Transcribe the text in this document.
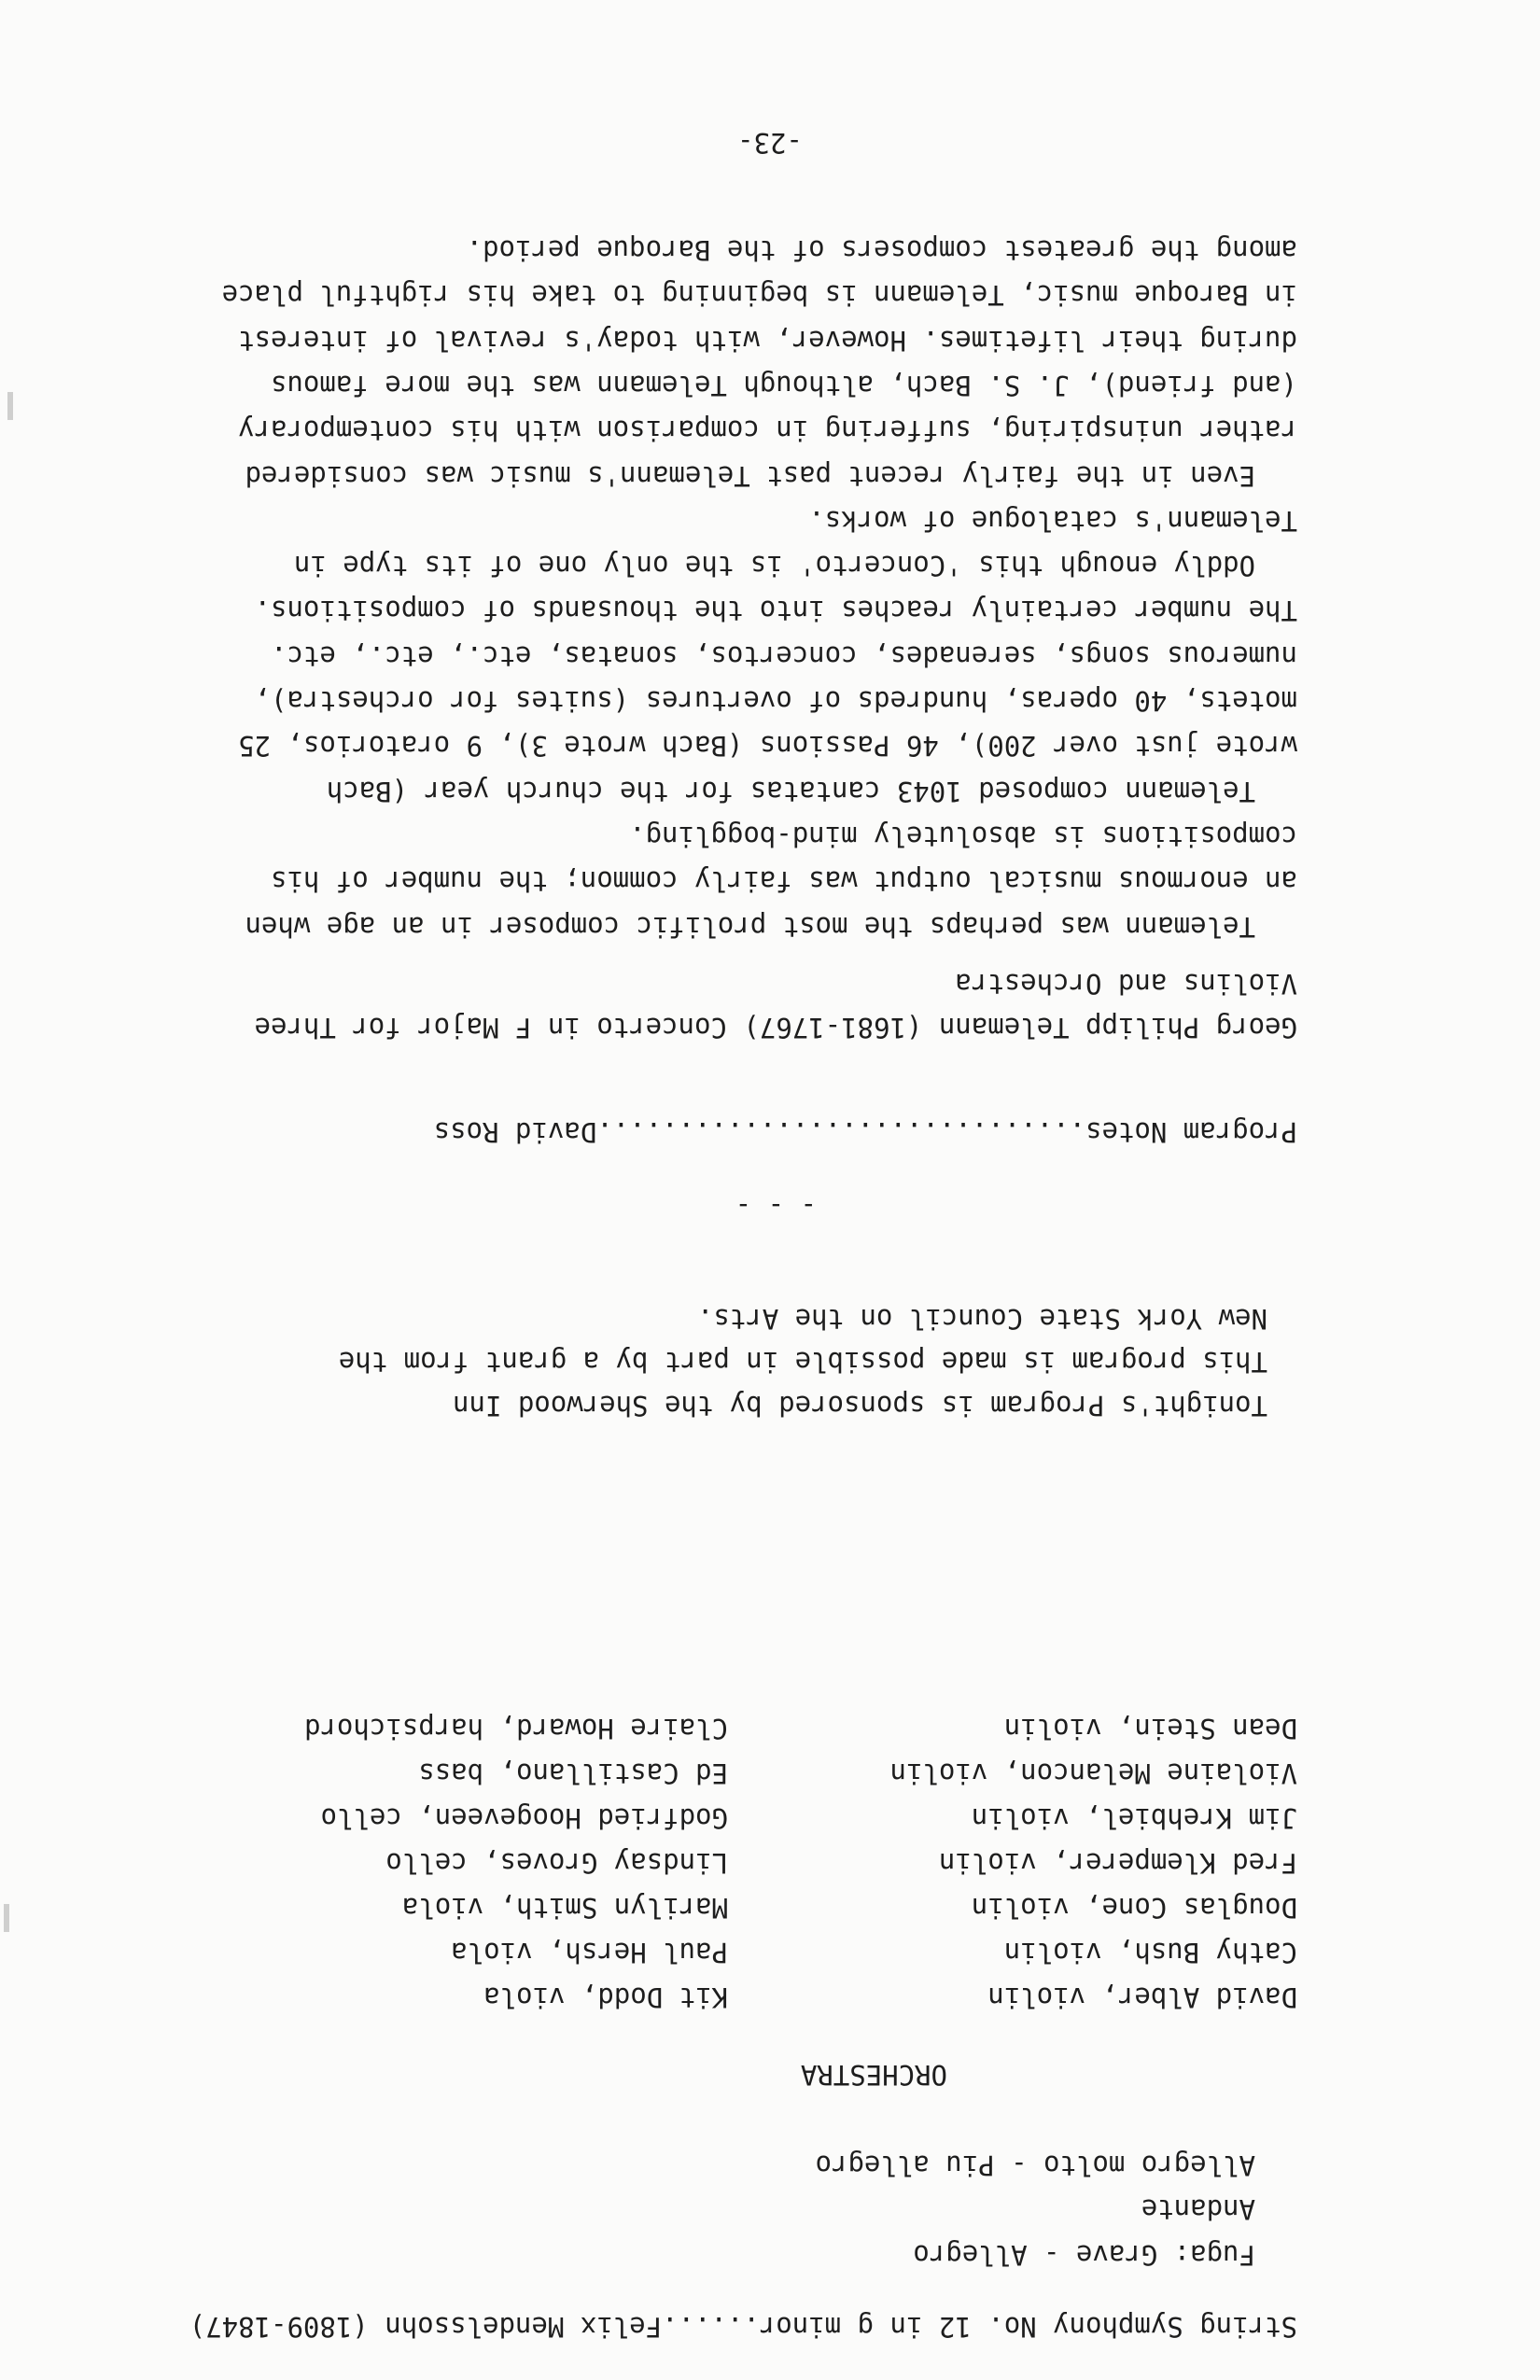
String Symphony No. 12 in g minor......Felix Mendelssohn (1809-1847)
Fuga: Grave - Allegro
Andante
Allegro molto - Piu allegro
ORCHESTRA
David Alber, violin
Cathy Bush, violin
Douglas Cone, violin
Fred Klemperer, violin
Jim Krehbiel, violin
Violaine Melancon, violin
Dean Stein, violin
Kit Dodd, viola
Paul Hersh, viola
Marilyn Smith, viola
Lindsay Groves, cello
Godfried Hoogeveen, cello
Ed Castillano, bass
Claire Howard, harpsichord
Tonight's Program is sponsored by the Sherwood Inn
This program is made possible in part by a grant from the
New York State Council on the Arts.
- - -
Program Notes..............................David Ross
Georg Philipp Telemann (1681-1767) Concerto in F Major for Three
Violins and Orchestra
Telemann was perhaps the most prolific composer in an age when
an enormous musical output was fairly common; the number of his
compositions is absolutely mind-boggling.
Telemann composed 1043 cantatas for the church year (Bach
wrote just over 200), 46 Passions (Bach wrote 3), 9 oratorios, 25
motets, 40 operas, hundreds of overtures (suites for orchestra),
numerous songs, serenades, concertos, sonatas, etc., etc., etc.
The number certainly reaches into the thousands of compositions.
Oddly enough this 'Concerto' is the only one of its type in
Telemann's catalogue of works.
Even in the fairly recent past Telemann's music was considered
rather uninspiring, suffering in comparison with his contemporary
(and friend), J. S. Bach, although Telemann was the more famous
during their lifetimes. However, with today's revival of interest
in Baroque music, Telemann is beginning to take his rightful place
among the greatest composers of the Baroque period.
-23-
